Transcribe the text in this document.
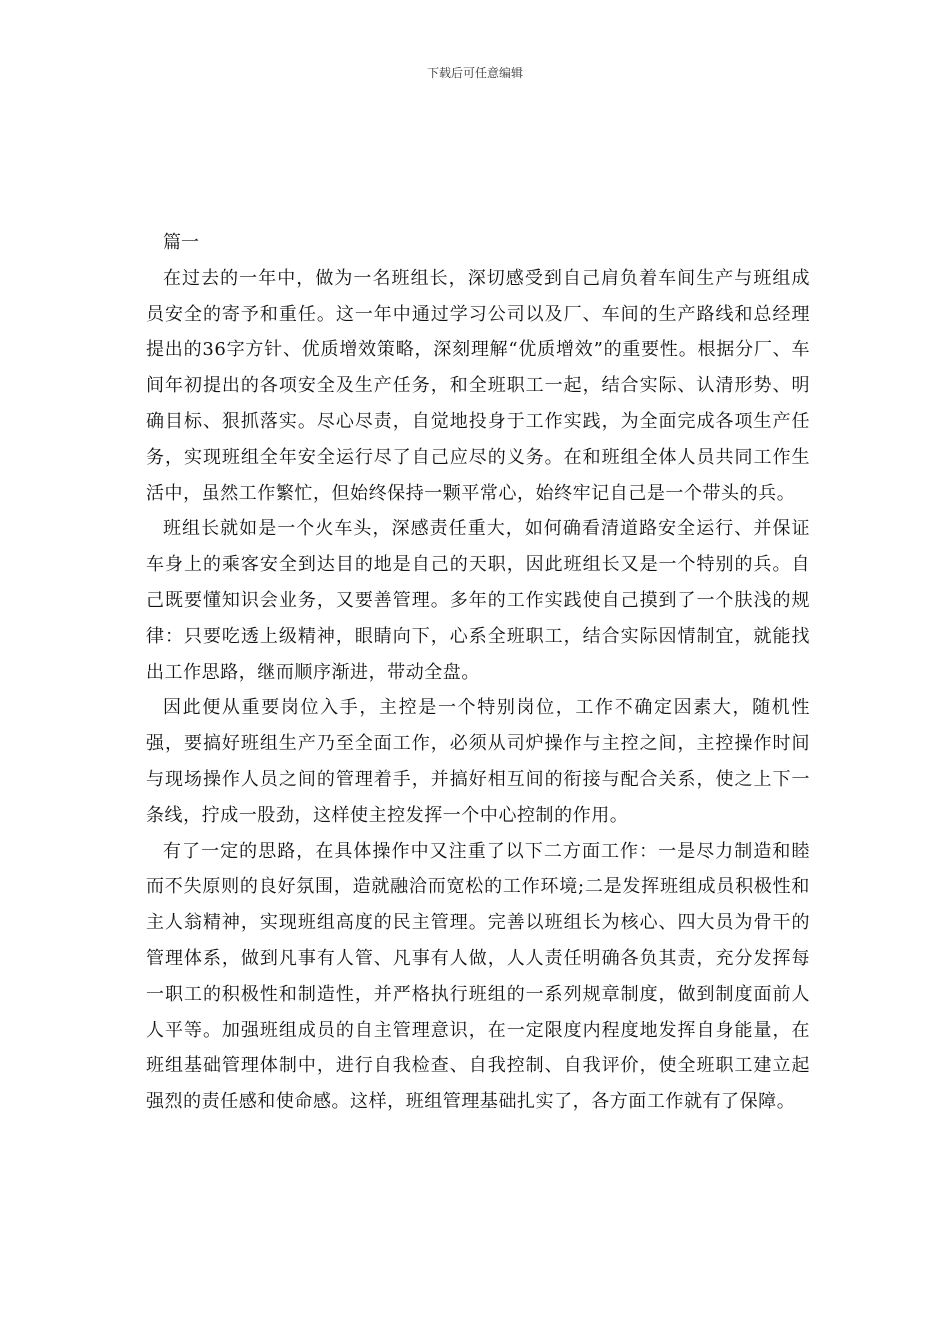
下载后可任意编辑
篇一

在过去的一年中，做为一名班组长，深切感受到自己肩负着车间生产与班组成员安全的寄予和重任。这一年中通过学习公司以及厂、车间的生产路线和总经理提出的36字方针、优质增效策略，深刻理解“优质增效”的重要性。根据分厂、车间年初提出的各项安全及生产任务，和全班职工一起，结合实际、认清形势、明确目标、狠抓落实。尽心尽责，自觉地投身于工作实践，为全面完成各项生产任务，实现班组全年安全运行尽了自己应尽的义务。在和班组全体人员共同工作生活中，虽然工作繁忙，但始终保持一颗平常心，始终牢记自己是一个带头的兵。

班组长就如是一个火车头，深感责任重大，如何确看清道路安全运行、并保证车身上的乘客安全到达目的地是自己的天职，因此班组长又是一个特别的兵。自己既要懂知识会业务，又要善管理。多年的工作实践使自己摸到了一个肤浅的规律：只要吃透上级精神，眼睛向下，心系全班职工，结合实际因情制宜，就能找出工作思路，继而顺序渐进，带动全盘。

因此便从重要岗位入手，主控是一个特别岗位，工作不确定因素大，随机性强，要搞好班组生产乃至全面工作，必须从司炉操作与主控之间，主控操作时间与现场操作人员之间的管理着手，并搞好相互间的衔接与配合关系，使之上下一条线，拧成一股劲，这样使主控发挥一个中心控制的作用。

有了一定的思路，在具体操作中又注重了以下二方面工作：一是尽力制造和睦而不失原则的良好氛围，造就融洽而宽松的工作环境;二是发挥班组成员积极性和主人翁精神，实现班组高度的民主管理。完善以班组长为核心、四大员为骨干的管理体系，做到凡事有人管、凡事有人做，人人责任明确各负其责，充分发挥每一职工的积极性和制造性，并严格执行班组的一系列规章制度，做到制度面前人人平等。加强班组成员的自主管理意识，在一定限度内程度地发挥自身能量，在班组基础管理体制中，进行自我检查、自我控制、自我评价，使全班职工建立起强烈的责任感和使命感。这样，班组管理基础扎实了，各方面工作就有了保障。
